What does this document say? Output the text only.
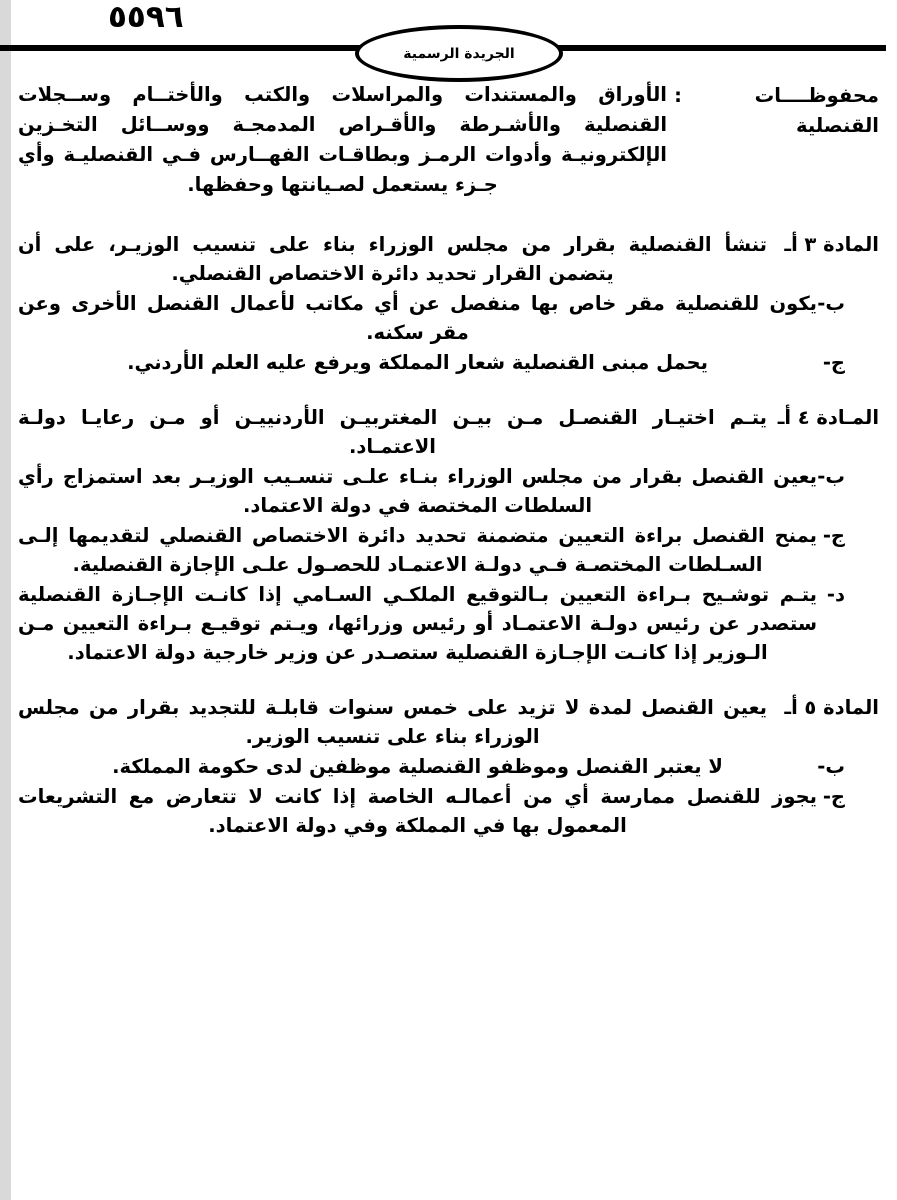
٥٥٩٦
الجريدة الرسمية
محفوظــــات
القنصلية
:
الأوراق والمستندات والمراسلات والكتب والأختــام وســجلات القنصلية والأشـرطة والأقـراص المدمجـة ووســائل التخـزين الإلكترونيـة وأدوات الرمـز وبطاقـات الفهــارس فـي القنصليـة وأي جـزء يستعمل لصـيانتها وحفظها.
المادة ٣ أـ
تنشأ القنصلية بقرار من مجلس الوزراء بناء على تنسيب الوزيـر، على أن يتضمن القرار تحديد دائرة الاختصاص القنصلي.
ب-
يكون للقنصلية مقر خاص بها منفصل عن أي مكاتب لأعمال القنصل الأخرى وعن مقر سكنه.
ج-
يحمل مبنى القنصلية شعار المملكة ويرفع عليه العلم الأردني.
المـادة ٤ أـ
يتـم اختيـار القنصـل مـن بيـن المغتربيـن الأردنييـن أو مـن رعايـا دولـة الاعتمـاد.
ب-
يعين القنصل بقرار من مجلس الوزراء بنـاء علـى تنسـيب الوزيـر بعد استمزاج رأي السلطات المختصة في دولة الاعتماد.
ج-
يمنح القنصل براءة التعيين متضمنة تحديد دائرة الاختصاص القنصلي لتقديمها إلـى السـلطات المختصـة فـي دولـة الاعتمـاد للحصـول علـى الإجازة القنصلية.
د-
يتـم توشـيح بـراءة التعيين بـالتوقيع الملكـي السـامي إذا كانـت الإجـازة القنصلية ستصدر عن رئيس دولـة الاعتمـاد أو رئيس وزرائها، ويـتم توقيـع بـراءة التعيين مـن الـوزير إذا كانـت الإجـازة القنصلية ستصـدر عن وزير خارجية دولة الاعتماد.
المادة ٥ أـ
يعين القنصل لمدة لا تزيد على خمس سنوات قابلـة للتجديد بقرار من مجلس الوزراء بناء على تنسيب الوزير.
ب-
لا يعتبر القنصل وموظفو القنصلية موظفين لدى حكومة المملكة.
ج-
يجوز للقنصل ممارسة أي من أعمالـه الخاصة إذا كانت لا تتعارض مع التشريعات المعمول بها في المملكة وفي دولة الاعتماد.
